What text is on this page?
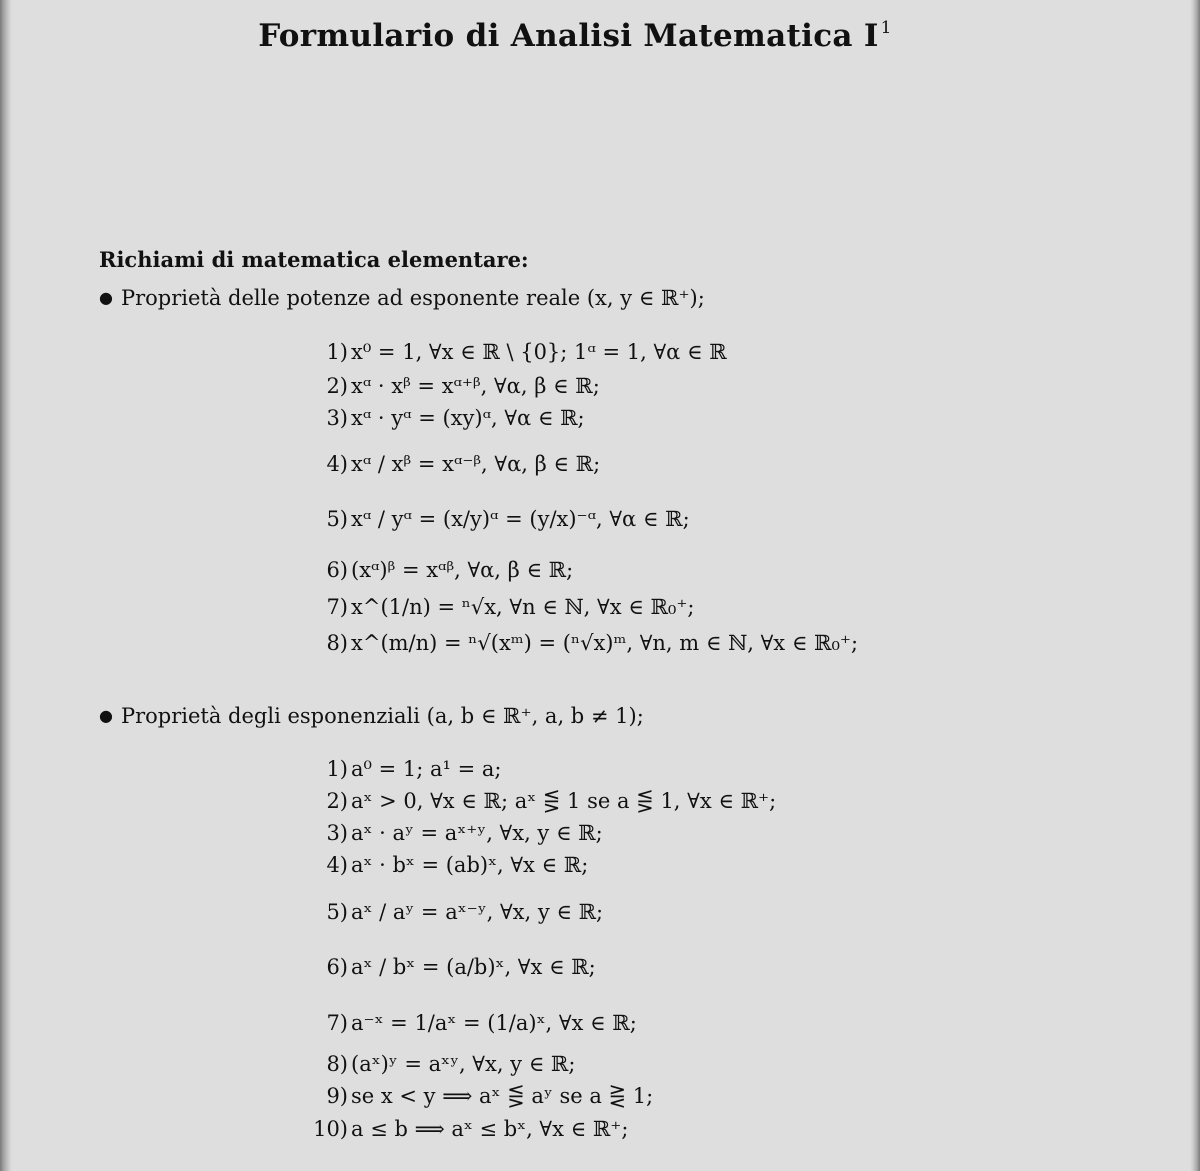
Formulario di Analisi Matematica I $^1$
Richiami di matematica elementare:
● Proprietà delle potenze ad esponente reale (x, y ∈ ℝ⁺);
● Proprietà degli esponenziali (a, b ∈ ℝ⁺, a, b ≠ 1);
1) x⁰ = 1, ∀x ∈ ℝ \ {0}; 1ᵅ = 1, ∀α ∈ ℝ
2) xᵅ · xᵝ = xᵅ⁺ᵝ, ∀α, β ∈ ℝ;
3) xᵅ · yᵅ = (xy)ᵅ, ∀α ∈ ℝ;
4) xᵅ / xᵝ = xᵅ⁻ᵝ, ∀α, β ∈ ℝ;
5) xᵅ / yᵅ = (x/y)ᵅ = (y/x)⁻ᵅ, ∀α ∈ ℝ;
6) (xᵅ)ᵝ = xᵅᵝ, ∀α, β ∈ ℝ;
7) x^(1/n) = ⁿ√x, ∀n ∈ ℕ, ∀x ∈ ℝ₀⁺;
8) x^(m/n) = ⁿ√(xᵐ) = (ⁿ√x)ᵐ, ∀n, m ∈ ℕ, ∀x ∈ ℝ₀⁺;
1) a⁰ = 1; a¹ = a;
2) aˣ > 0, ∀x ∈ ℝ; aˣ ⋚ 1 se a ⋚ 1, ∀x ∈ ℝ⁺;
3) aˣ · aʸ = aˣ⁺ʸ, ∀x, y ∈ ℝ;
4) aˣ · bˣ = (ab)ˣ, ∀x ∈ ℝ;
5) aˣ / aʸ = aˣ⁻ʸ, ∀x, y ∈ ℝ;
6) aˣ / bˣ = (a/b)ˣ, ∀x ∈ ℝ;
7) a⁻ˣ = 1/aˣ = (1/a)ˣ, ∀x ∈ ℝ;
8) (aˣ)ʸ = aˣʸ, ∀x, y ∈ ℝ;
9) se x < y ⟹ aˣ ⋚ aʸ se a ⋛ 1;
10) a ≤ b ⟹ aˣ ≤ bˣ, ∀x ∈ ℝ⁺;
